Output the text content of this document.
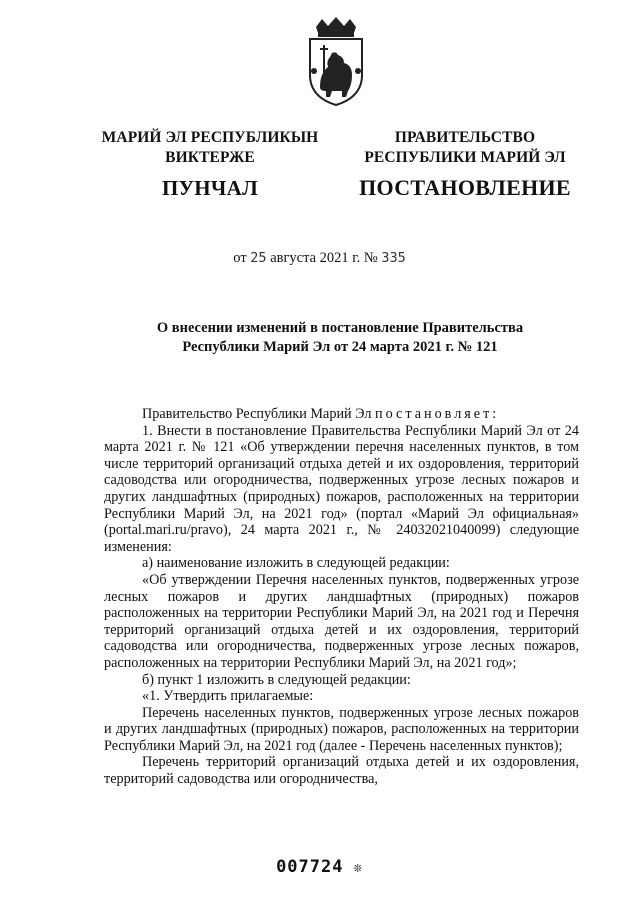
МАРИЙ ЭЛ РЕСПУБЛИКЫН
ВИКТЕРЖЕ
ПУНЧАЛ
ПРАВИТЕЛЬСТВО
РЕСПУБЛИКИ МАРИЙ ЭЛ
ПОСТАНОВЛЕНИЕ
от 25 августа 2021 г. № 335
О внесении изменений в постановление Правительства
Республики Марий Эл от 24 марта 2021 г. № 121

Правительство Республики Марий Эл постановляет:

1. Внести в постановление Правительства Республики Марий Эл от 24 марта 2021 г. № 121 «Об утверждении перечня населенных пунктов, в том числе территорий организаций отдыха детей и их оздоровления, территорий садоводства или огородничества, подверженных угрозе лесных пожаров и других ландшафтных (природных) пожаров, расположенных на территории Республики Марий Эл, на 2021 год» (портал «Марий Эл официальная» (portal.mari.ru/pravo), 24 марта 2021 г., № 24032021040099) следующие изменения:

а) наименование изложить в следующей редакции:

«Об утверждении Перечня населенных пунктов, подверженных угрозе лесных пожаров и других ландшафтных (природных) пожаров расположенных на территории Республики Марий Эл, на 2021 год и Перечня территорий организаций отдыха детей и их оздоровления, территорий садоводства или огородничества, подверженных угрозе лесных пожаров, расположенных на территории Республики Марий Эл, на 2021 год»;

б) пункт 1 изложить в следующей редакции:

«1. Утвердить прилагаемые:

Перечень населенных пунктов, подверженных угрозе лесных пожаров и других ландшафтных (природных) пожаров, расположенных на территории Республики Марий Эл, на 2021 год (далее - Перечень населенных пунктов);

Перечень территорий организаций отдыха детей и их оздоровления, территорий садоводства или огородничества,

007724 ❊
